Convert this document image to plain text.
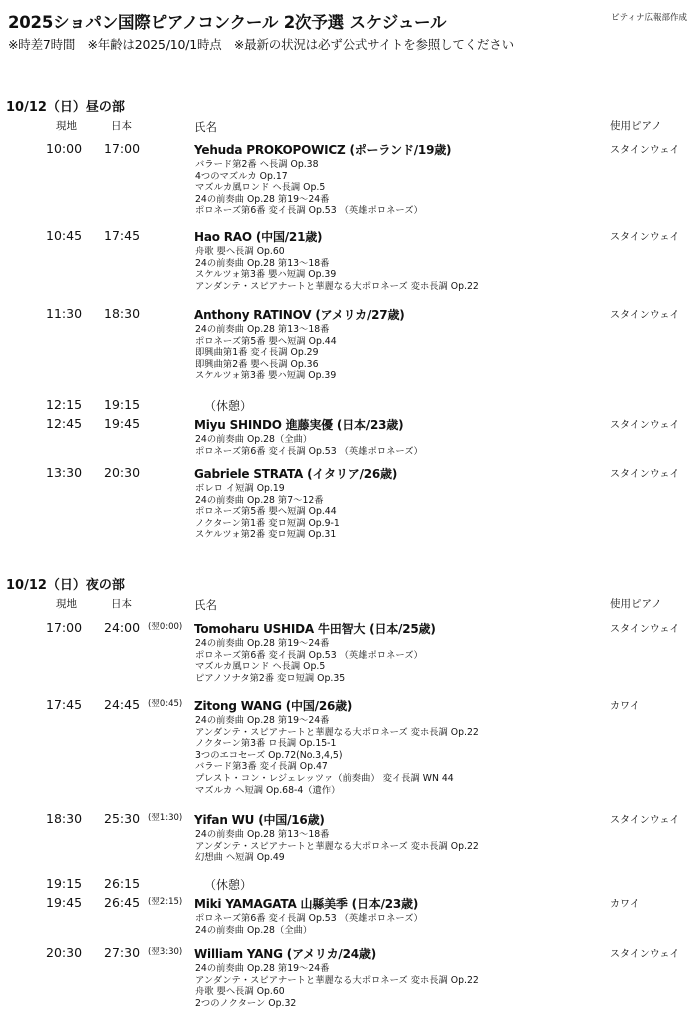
2025ショパン国際ピアノコンクール 2次予選 スケジュール	ピティナ広報部作成
※時差7時間　※年齢は2025/10/1時点　※最新の状況は必ず公式サイトを参照してください
10/12（日）昼の部
現地	日本	氏名	使用ピアノ
10:00 17:00	Yehuda PROKOPOWICZ (ポーランド/19歳)	スタインウェイ
バラード第2番 ヘ長調 Op.38
4つのマズルカ Op.17
マズルカ風ロンド ヘ長調 Op.5
24の前奏曲 Op.28 第19〜24番
ポロネーズ第6番 変イ長調 Op.53 （英雄ポロネーズ）
10:45 17:45	Hao RAO (中国/21歳)	スタインウェイ
舟歌 嬰ヘ長調 Op.60
24の前奏曲 Op.28 第13〜18番
スケルツォ第3番 嬰ハ短調 Op.39
アンダンテ・スピアナートと華麗なる大ポロネーズ 変ホ長調 Op.22
11:30 18:30	Anthony RATINOV (アメリカ/27歳)	スタインウェイ
24の前奏曲 Op.28 第13〜18番
ポロネーズ第5番 嬰ヘ短調 Op.44
即興曲第1番 変イ長調 Op.29
即興曲第2番 嬰ヘ長調 Op.36
スケルツォ第3番 嬰ハ短調 Op.39
12:15 19:15	（休憩）
12:45 19:45	Miyu SHINDO 進藤実優 (日本/23歳)	スタインウェイ
24の前奏曲 Op.28（全曲）
ポロネーズ第6番 変イ長調 Op.53 （英雄ポロネーズ）
13:30 20:30	Gabriele STRATA (イタリア/26歳)	スタインウェイ
ボレロ イ短調 Op.19
24の前奏曲 Op.28 第7〜12番
ポロネーズ第5番 嬰ヘ短調 Op.44
ノクターン第1番 変ロ短調 Op.9-1
スケルツォ第2番 変ロ短調 Op.31
10/12（日）夜の部
現地	日本	氏名	使用ピアノ
17:00 24:00 (翌0:00) Tomoharu USHIDA 牛田智大 (日本/25歳)	スタインウェイ
24の前奏曲 Op.28 第19〜24番
ポロネーズ第6番 変イ長調 Op.53 （英雄ポロネーズ）
マズルカ風ロンド ヘ長調 Op.5
ピアノソナタ第2番 変ロ短調 Op.35
17:45 24:45 (翌0:45) Zitong WANG (中国/26歳)	カワイ
24の前奏曲 Op.28 第19〜24番
アンダンテ・スピアナートと華麗なる大ポロネーズ 変ホ長調 Op.22
ノクターン第3番 ロ長調 Op.15-1
3つのエコセーズ Op.72(No.3,4,5)
バラード第3番 変イ長調 Op.47
プレスト・コン・レジェレッツァ（前奏曲） 変イ長調 WN 44
マズルカ ヘ短調 Op.68-4（遺作）
18:30 25:30 (翌1:30) Yifan WU (中国/16歳)	スタインウェイ
24の前奏曲 Op.28 第13〜18番
アンダンテ・スピアナートと華麗なる大ポロネーズ 変ホ長調 Op.22
幻想曲 ヘ短調 Op.49
19:15 26:15	（休憩）
19:45 26:45 (翌2:15) Miki YAMAGATA 山縣美季 (日本/23歳)	カワイ
ポロネーズ第6番 変イ長調 Op.53 （英雄ポロネーズ）
24の前奏曲 Op.28（全曲）
20:30 27:30 (翌3:30) William YANG (アメリカ/24歳)	スタインウェイ
24の前奏曲 Op.28 第19〜24番
アンダンテ・スピアナートと華麗なる大ポロネーズ 変ホ長調 Op.22
舟歌 嬰ヘ長調 Op.60
2つのノクターン Op.32
